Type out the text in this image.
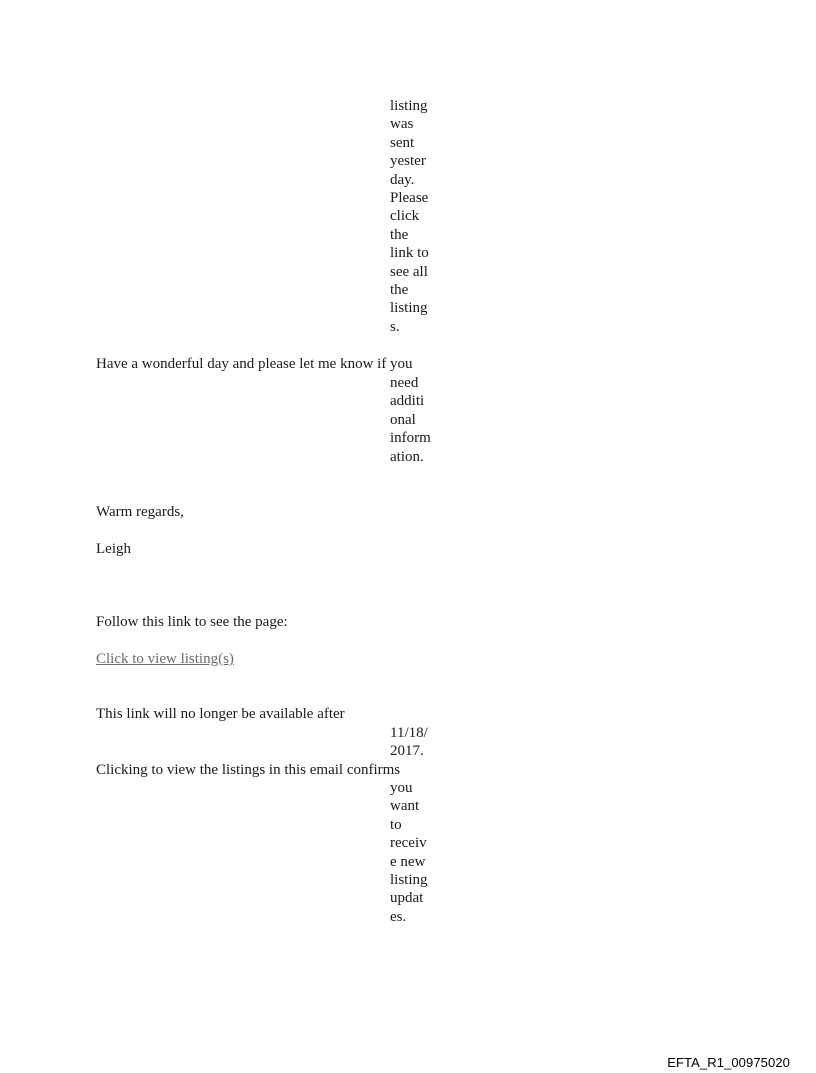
listing
was
sent
yester
day.
Please
click
the
link to
see all
the
listing
s.
Have a wonderful day and please let me know if you
need
additi
onal
inform
ation.
Warm regards,
Leigh
Follow this link to see the page:
Click to view listing(s)
This link will no longer be available after
11/18/
2017.
Clicking to view the listings in this email confirms
you
want
to
receiv
e new
listing
updat
es.
EFTA_R1_00975020
